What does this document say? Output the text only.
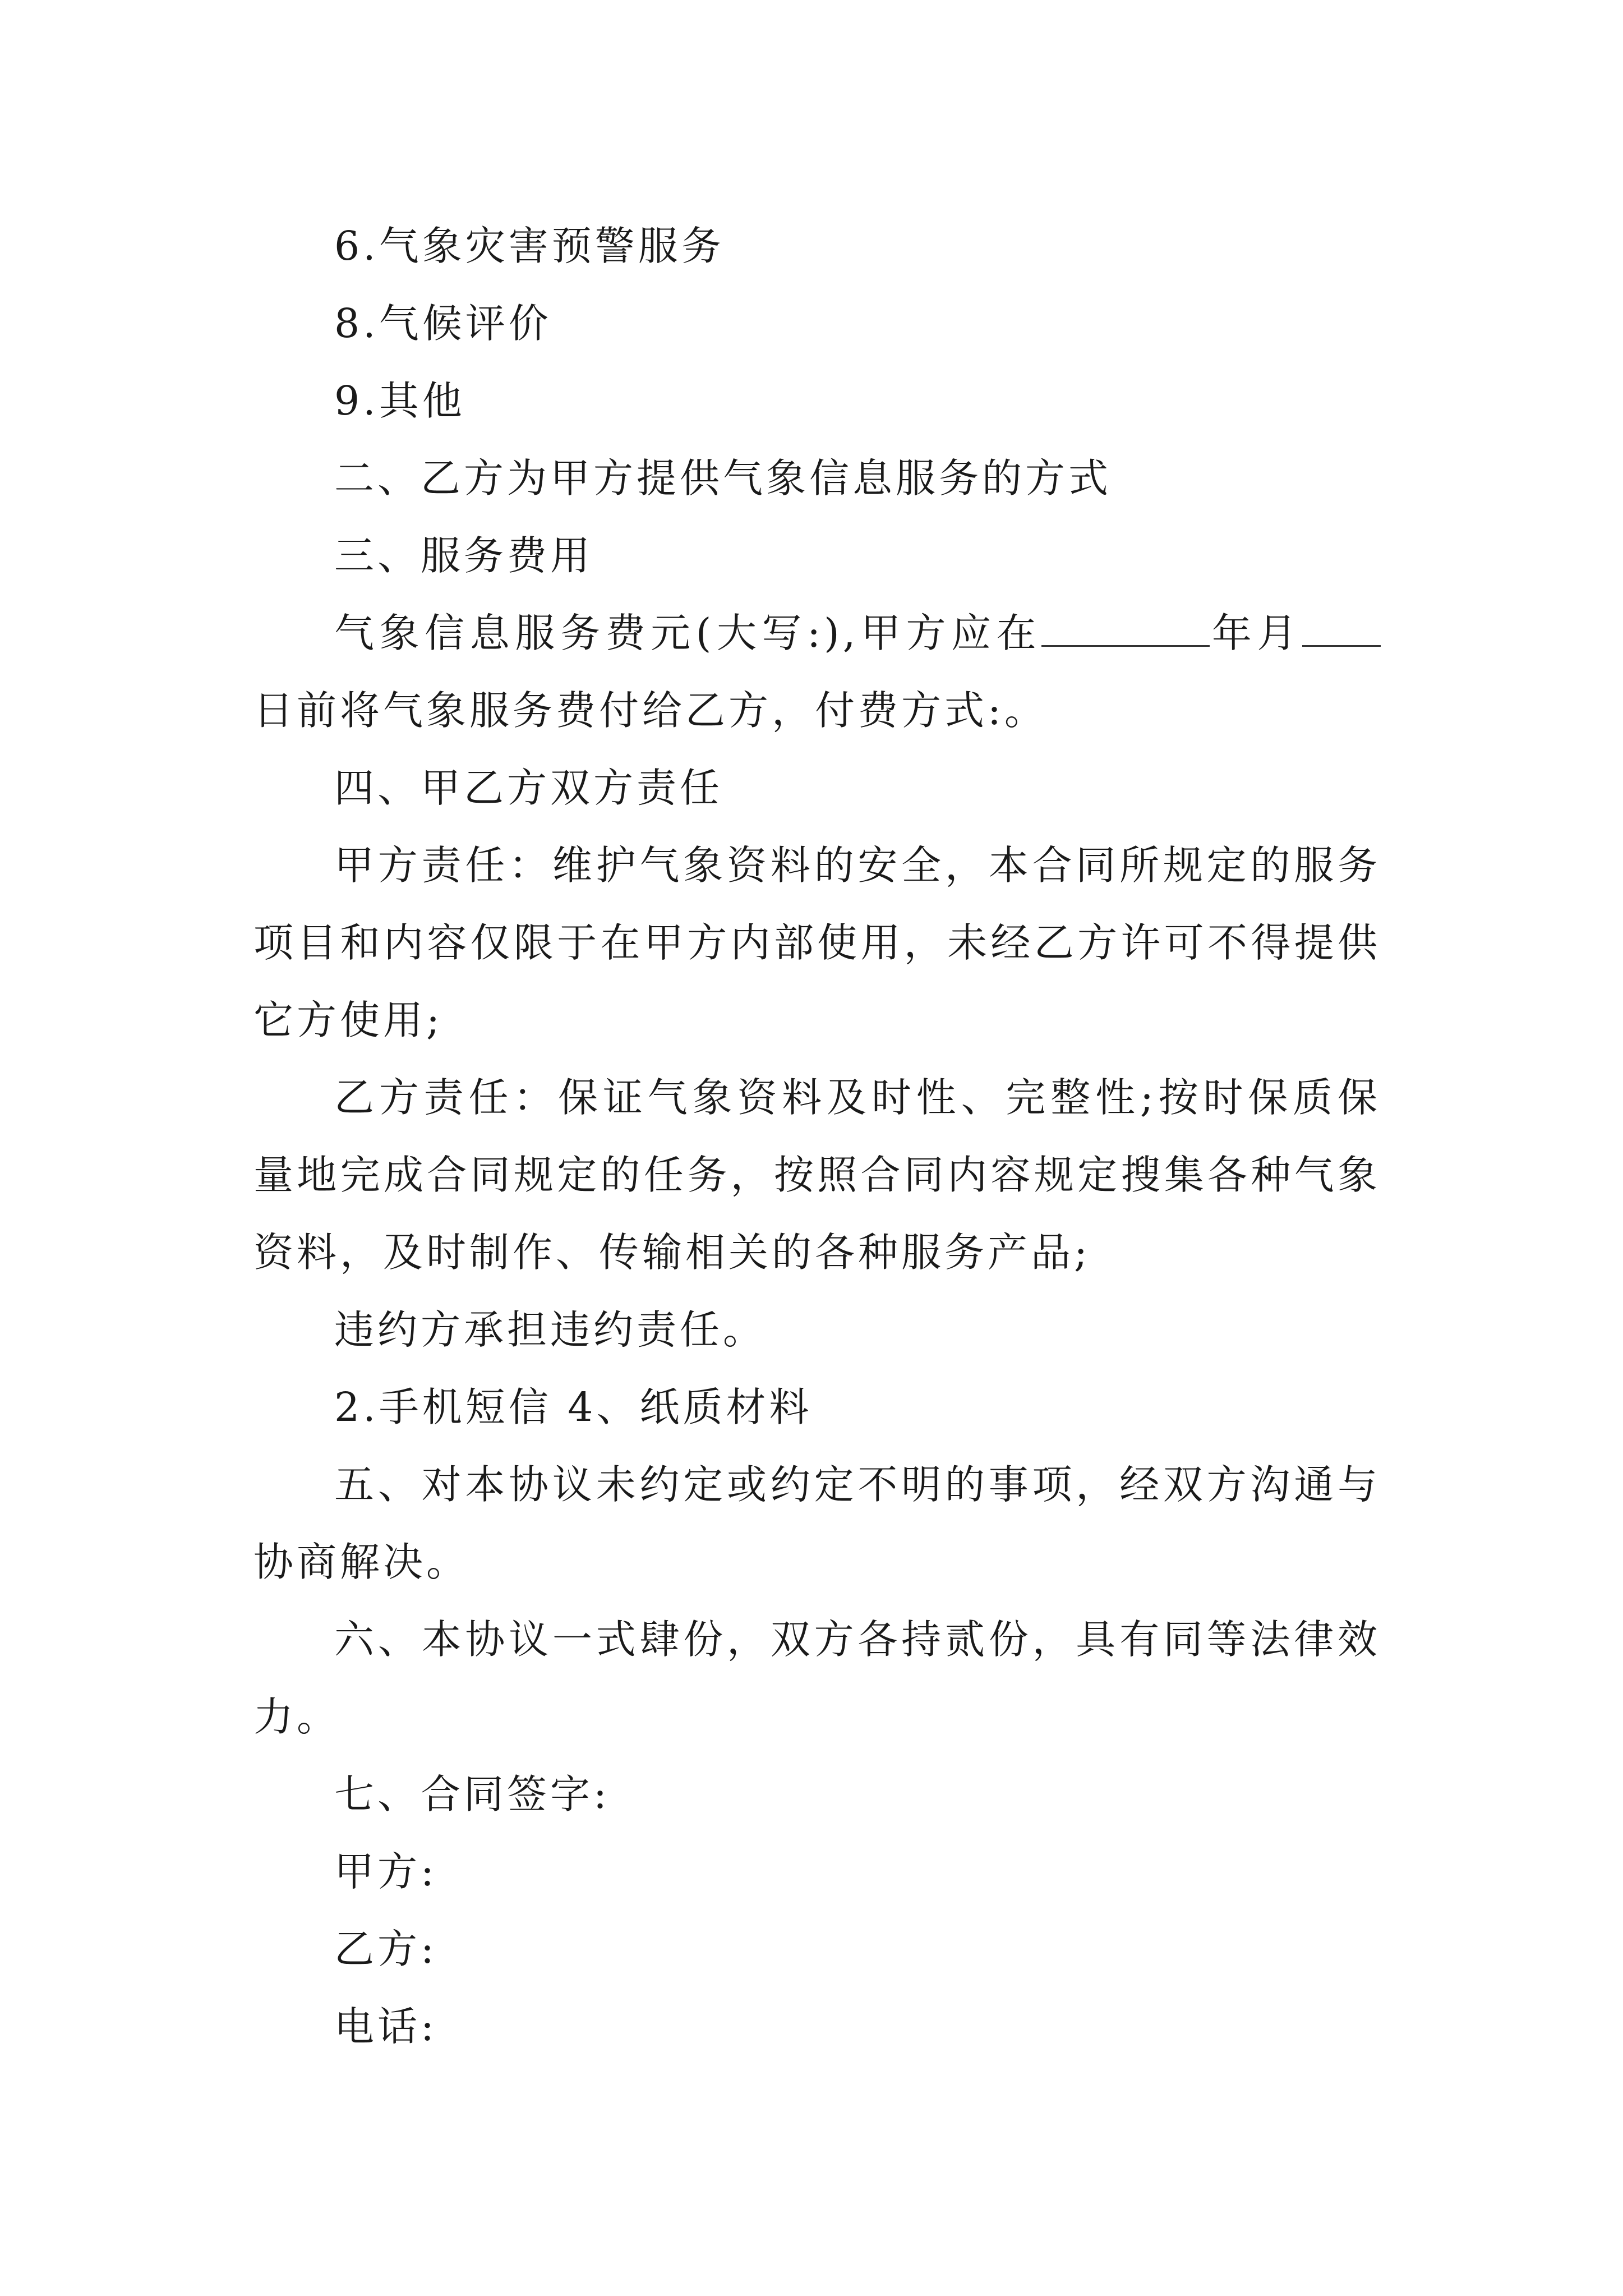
6.气象灾害预警服务

8.气候评价

9.其他

二、乙方为甲方提供气象信息服务的方式

三、服务费用

气象信息服务费元(大写:),甲方应在	年月日前将气象服务费付给乙方，付费方式:。

四、甲乙方双方责任

甲方责任：维护气象资料的安全，本合同所规定的服务项目和内容仅限于在甲方内部使用，未经乙方许可不得提供它方使用;

乙方责任：保证气象资料及时性、完整性;按时保质保量地完成合同规定的任务，按照合同内容规定搜集各种气象资料，及时制作、传输相关的各种服务产品;

违约方承担违约责任。

2.手机短信 4、纸质材料

五、对本协议未约定或约定不明的事项，经双方沟通与协商解决。

六、本协议一式肆份，双方各持贰份，具有同等法律效力。

七、合同签字:

甲方:

乙方:

电话:
